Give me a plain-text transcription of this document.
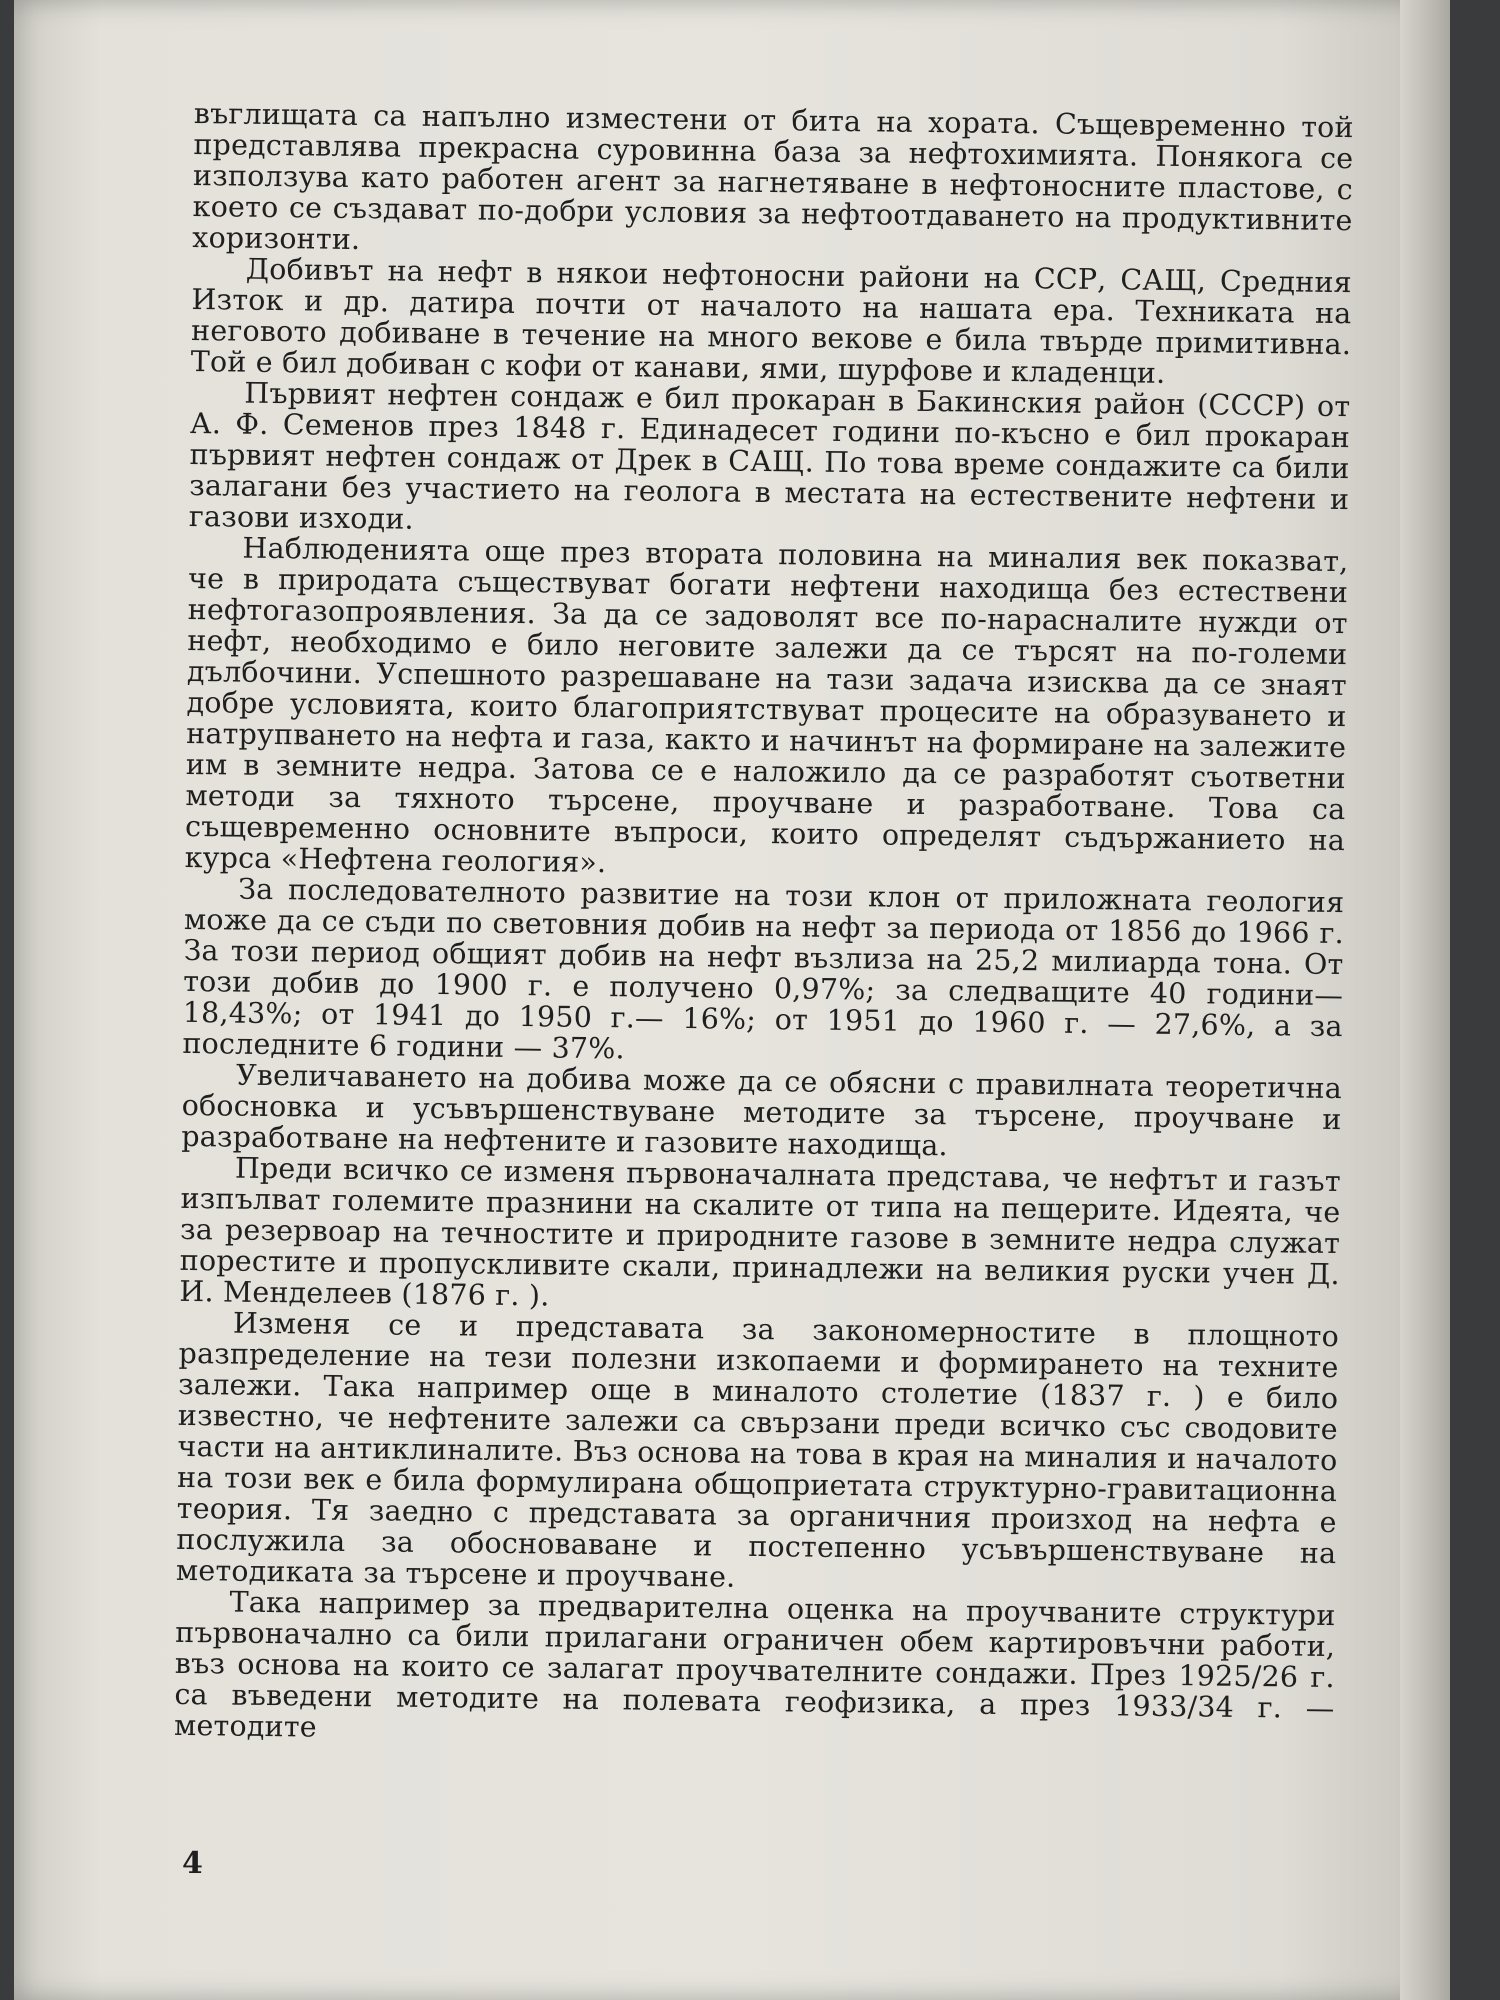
въглищата са напълно изместени от бита на хората. Същевременно той представлява прекрасна суровинна база за нефтохимията. Понякога се използува като работен агент за нагнетяване в нефтоносните пластове, с което се създават по-добри условия за нефтоотдаването на продуктивните хоризонти.

Добивът на нефт в някои нефтоносни райони на ССР, САЩ, Средния Изток и др. датира почти от началото на нашата ера. Техниката на неговото добиване в течение на много векове е била твърде примитивна. Той е бил добиван с кофи от канави, ями, шурфове и кладенци.

Първият нефтен сондаж е бил прокаран в Бакинския район (СССР) от А. Ф. Семенов през 1848 г. Единадесет години по-късно е бил прокаран първият нефтен сондаж от Дрек в САЩ. По това време сондажите са били залагани без участието на геолога в местата на естествените нефтени и газови изходи.

Наблюденията още през втората половина на миналия век показват, че в природата съществуват богати нефтени находища без естествени нефтогазопроявления. За да се задоволят все по-нарасналите нужди от нефт, необходимо е било неговите залежи да се търсят на по-големи дълбочини. Успешното разрешаване на тази задача изисква да се знаят добре условията, които благоприятствуват процесите на образуването и натрупването на нефта и газа, както и начинът на формиране на залежите им в земните недра. Затова се е наложило да се разработят съответни методи за тяхното търсене, проучване и разработване. Това са същевременно основните въпроси, които определят съдържанието на курса «Нефтена геология».

За последователното развитие на този клон от приложната геология може да се съди по световния добив на нефт за периода от 1856 до 1966 г. За този период общият добив на нефт възлиза на 25,2 милиарда тона. От този добив до 1900 г. е получено 0,97%; за следващите 40 години—18,43%; от 1941 до 1950 г.— 16%; от 1951 до 1960 г. — 27,6%, а за последните 6 години — 37%.

Увеличаването на добива може да се обясни с правилната теоретична обосновка и усъвършенствуване методите за търсене, проучване и разработване на нефтените и газовите находища.

Преди всичко се изменя първоначалната представа, че нефтът и газът изпълват големите празнини на скалите от типа на пещерите. Идеята, че за резервоар на течностите и природните газове в земните недра служат порестите и пропускливите скали, принадлежи на великия руски учен Д. И. Менделеев (1876 г. ).

Изменя се и представата за закономерностите в площното разпределение на тези полезни изкопаеми и формирането на техните залежи. Така например още в миналото столетие (1837 г. ) е било известно, че нефтените залежи са свързани преди всичко със сводовите части на антиклиналите. Въз основа на това в края на миналия и началото на този век е била формулирана общоприетата структурно-гравитационна теория. Тя заедно с представата за органичния произход на нефта е послужила за обосноваване и постепенно усъвършенствуване на методиката за търсене и проучване.

Така например за предварителна оценка на проучваните структури първоначално са били прилагани ограничен обем картировъчни работи, въз основа на които се залагат проучвателните сондажи. През 1925/26 г. са въведени методите на полевата геофизика, а през 1933/34 г. — методите

4
